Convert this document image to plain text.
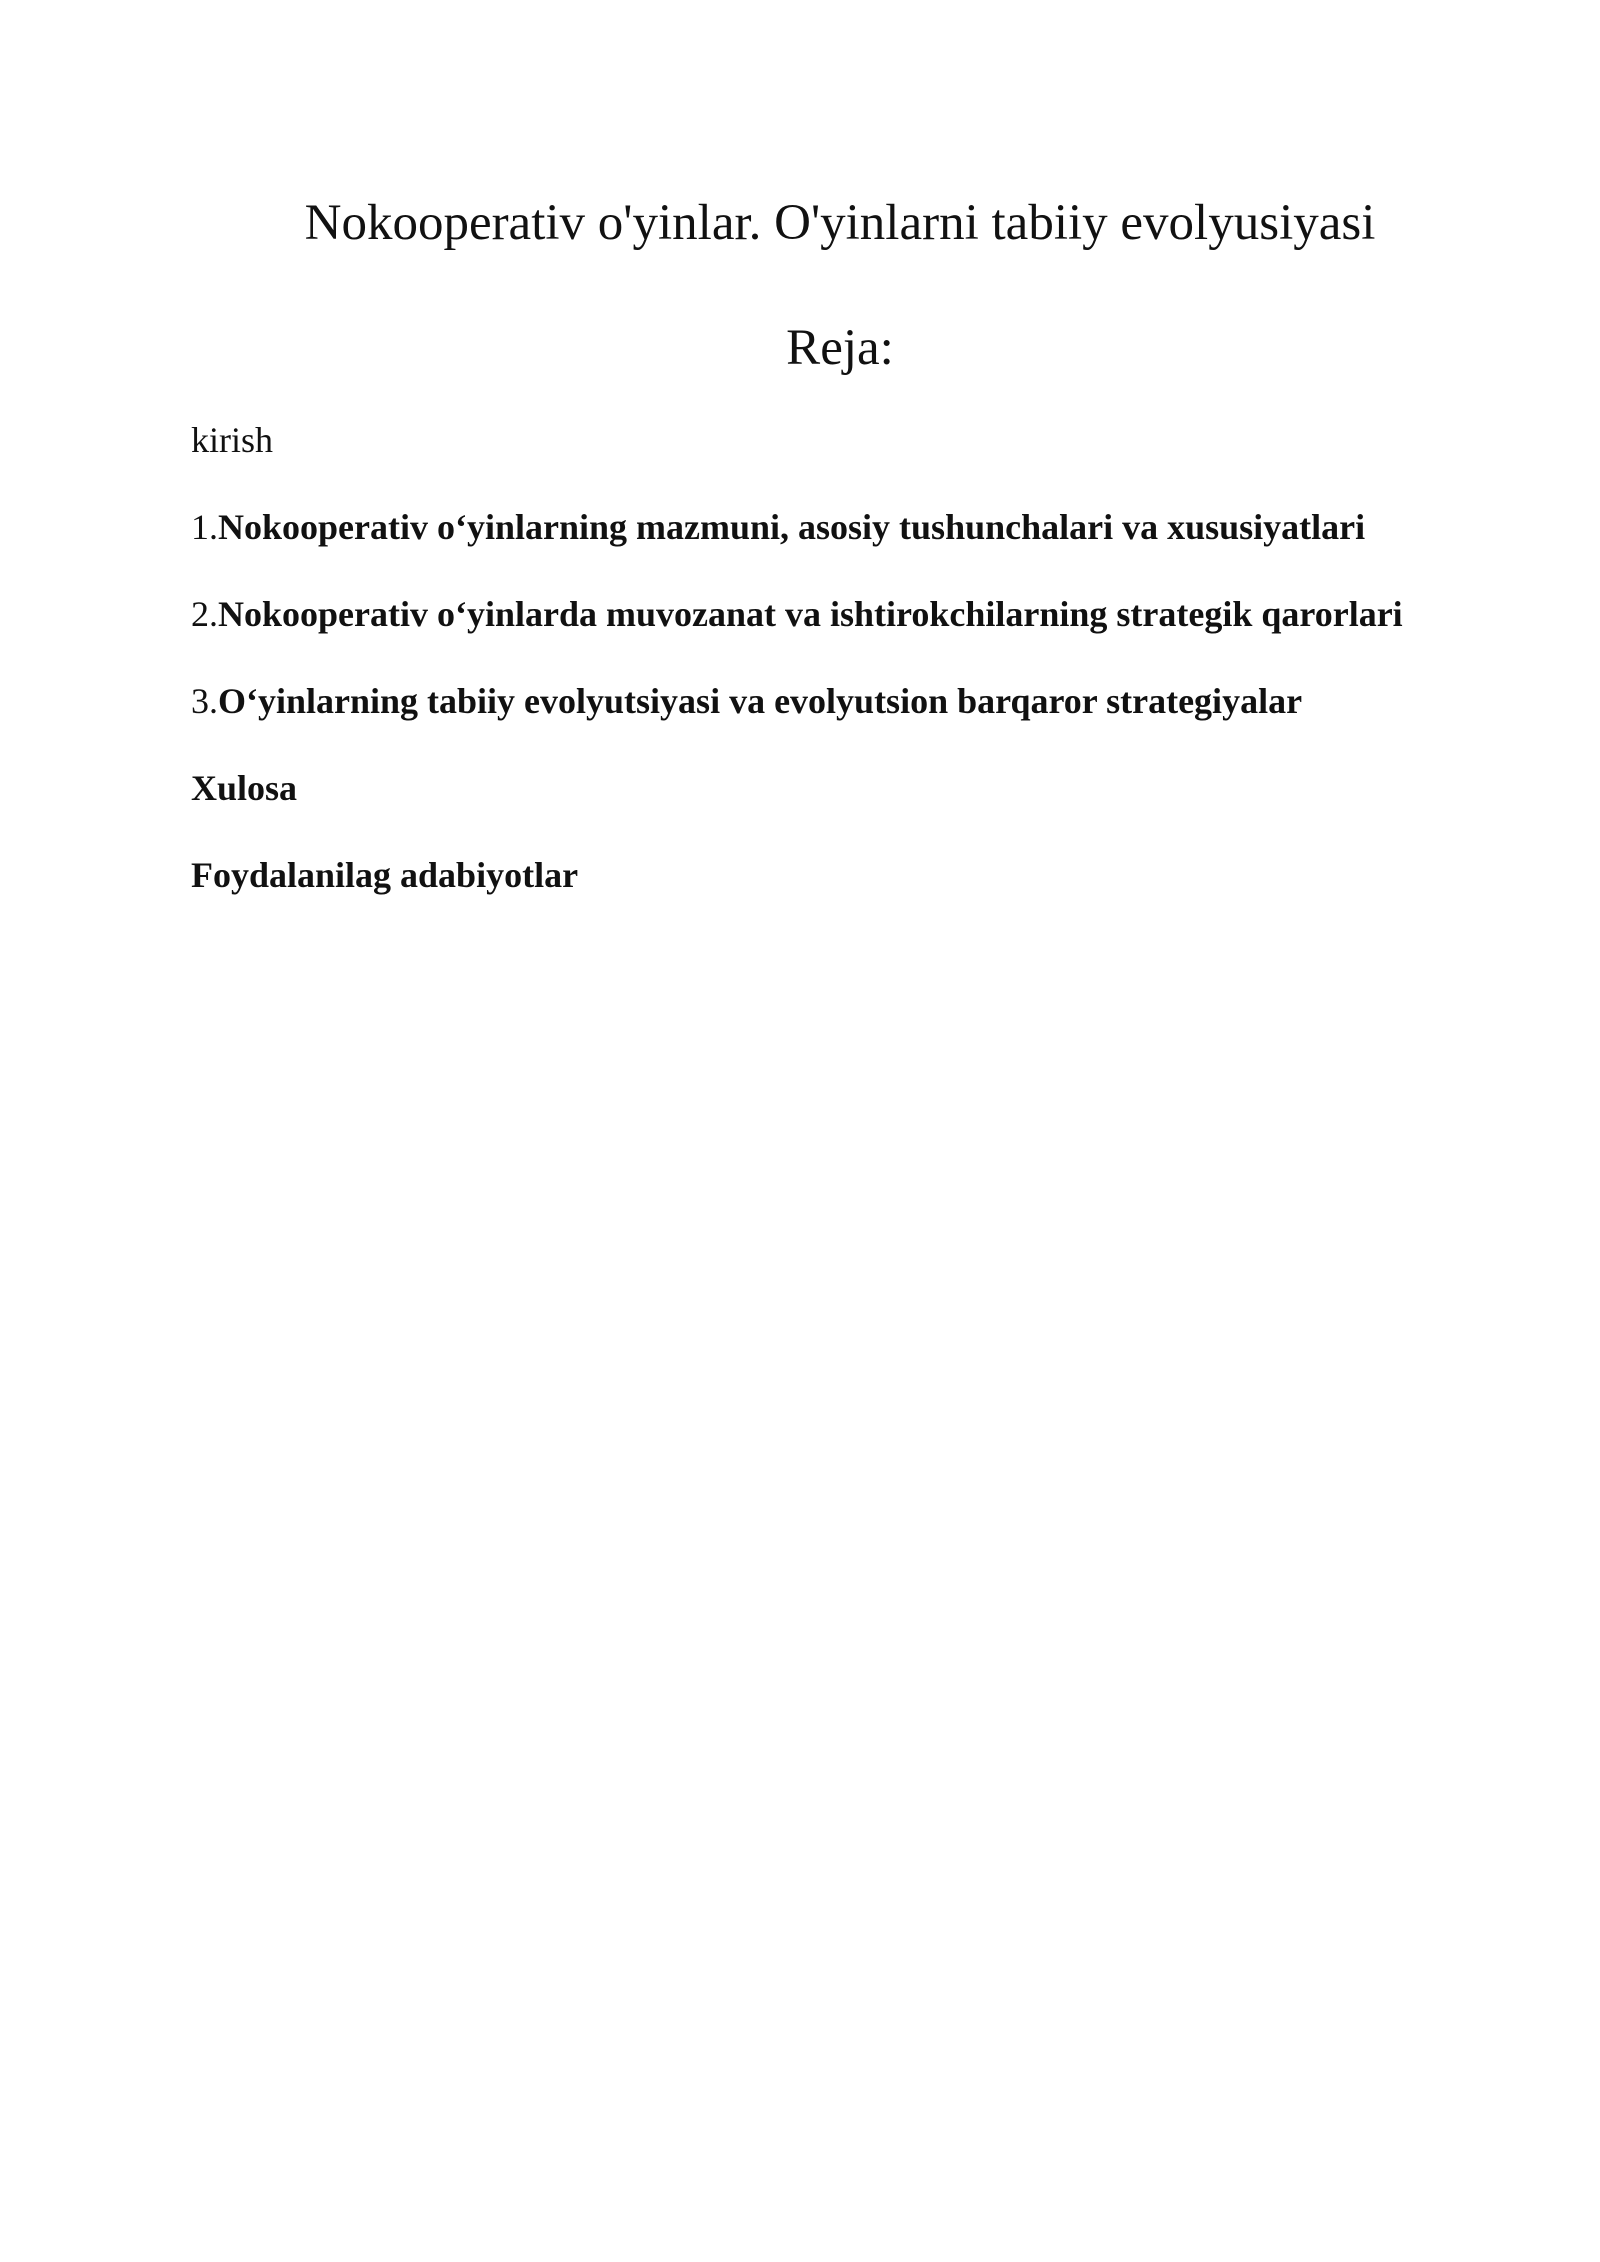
Nokooperativ o'yinlar. O'yinlarni tabiiy evolyusiyasi
Reja:
kirish
1.Nokooperativ o‘yinlarning mazmuni, asosiy tushunchalari va xususiyatlari
2.Nokooperativ o‘yinlarda muvozanat va ishtirokchilarning strategik qarorlari
3.O‘yinlarning tabiiy evolyutsiyasi va evolyutsion barqaror strategiyalar
Xulosa
Foydalanilag adabiyotlar
